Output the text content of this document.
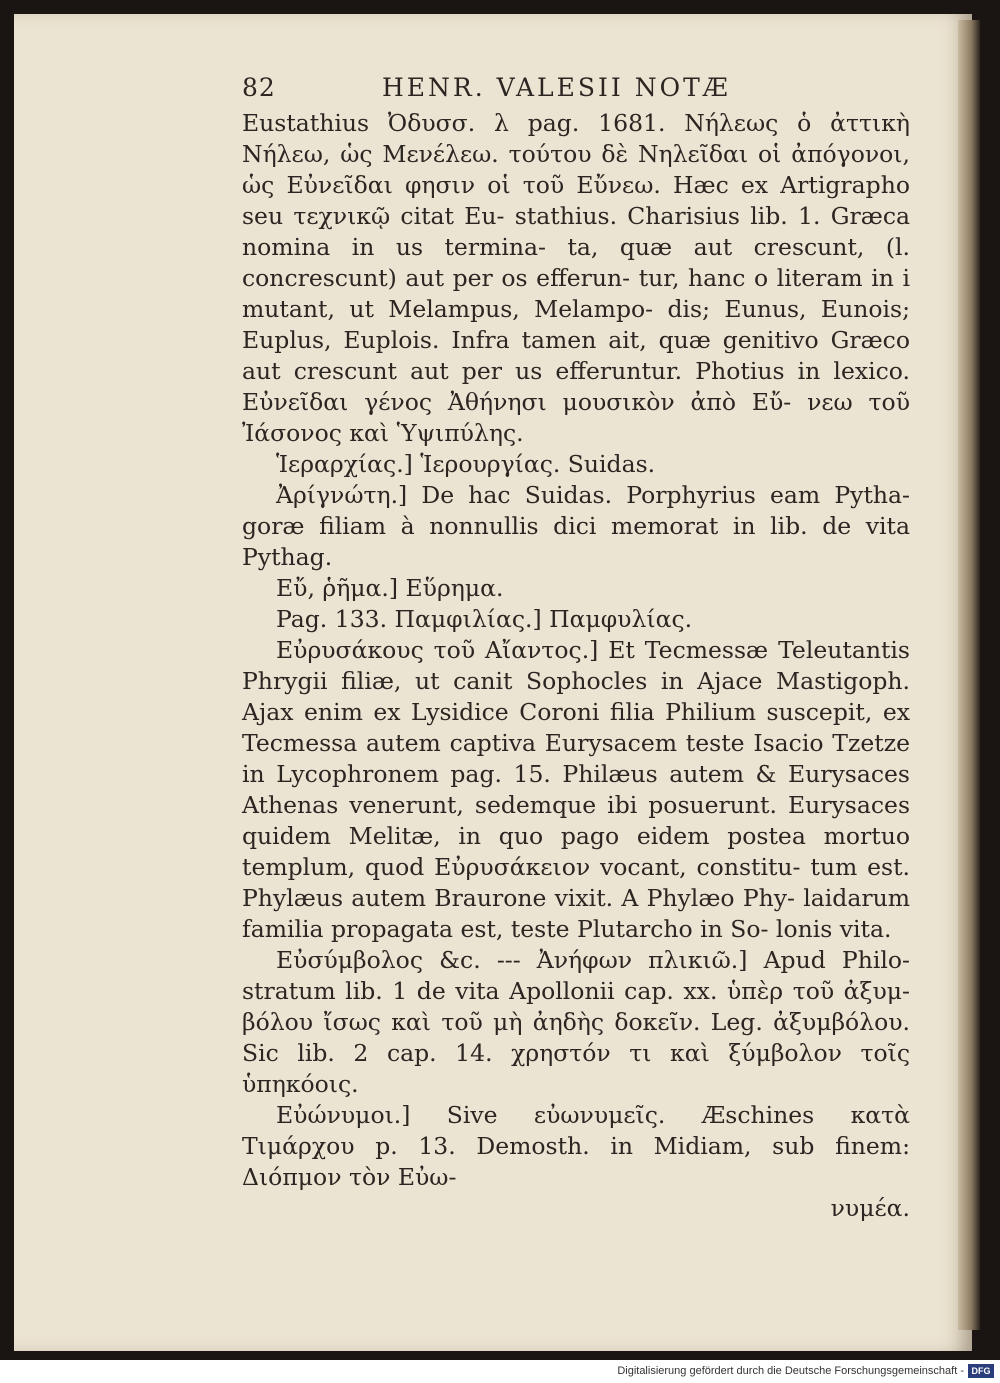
82	HENR. VALESII NOTÆ

Eustathius Ὀδυσσ. λ pag. 1681. Νήλεως ὁ ἀττικὴ Νήλεω, ὡς Μενέλεω. τούτου δὲ Νηλεῖδαι οἱ ἀπόγονοι, ὡς Εὐνεῖδαι φησιν οἱ τοῦ Εὔνεω. Hæc ex Artigrapho seu τεχνικῷ citat Eu- stathius. Charisius lib. 1. Græca nomina in us termina- ta, quæ aut crescunt, (l. concrescunt) aut per os efferun- tur, hanc o literam in i mutant, ut Melampus, Melampo- dis; Eunus, Eunois; Euplus, Euplois. Infra tamen ait, quæ genitivo Græco aut crescunt aut per us efferuntur. Photius in lexico. Εὐνεῖδαι γένος Ἀθήνησι μουσικὸν ἀπὸ Εὔ- νεω τοῦ Ἰάσονος καὶ Ὑψιπύλης.

Ἱεραρχίας.] Ἱερουργίας. Suidas.

Ἀρίγνώτη.] De hac Suidas. Porphyrius eam Pytha- goræ filiam à nonnullis dici memorat in lib. de vita Pythag.

Εὔ, ῥῆμα.] Εὕρημα.

Pag. 133. Παμφιλίας.] Παμφυλίας.

Εὐρυσάκους τοῦ Αἴαντος.] Et Tecmessæ Teleutantis Phrygii filiæ, ut canit Sophocles in Ajace Mastigoph. Ajax enim ex Lysidice Coroni filia Philium suscepit, ex Tecmessa autem captiva Eurysacem teste Isacio Tzetze in Lycophronem pag. 15. Philæus autem & Eurysaces Athenas venerunt, sedemque ibi posuerunt. Eurysaces quidem Melitæ, in quo pago eidem postea mortuo templum, quod Εὐρυσάκειον vocant, constitu- tum est. Phylæus autem Braurone vixit. A Phylæo Phy- laidarum familia propagata est, teste Plutarcho in So- lonis vita.

Εὐσύμβολος &c. --- Ἀνήφων πλικιῶ.] Apud Philo- stratum lib. 1 de vita Apollonii cap. xx. ὑπὲρ τοῦ ἀξυμ- βόλου ἴσως καὶ τοῦ μὴ ἀηδὴς δοκεῖν. Leg. ἀξυμβόλου. Sic lib. 2 cap. 14. χρηστόν τι καὶ ξύμβολον τοῖς ὑπηκόοις.

Εὐώνυμοι.] Sive εὐωνυμεῖς. Æschines κατὰ Τιμάρχου p. 13. Demosth. in Midiam, sub finem: Διόπμον τὸν Εὐω-

νυμέα.
Digitalisierung gefördert durch die Deutsche Forschungsgemeinschaft - DFG
